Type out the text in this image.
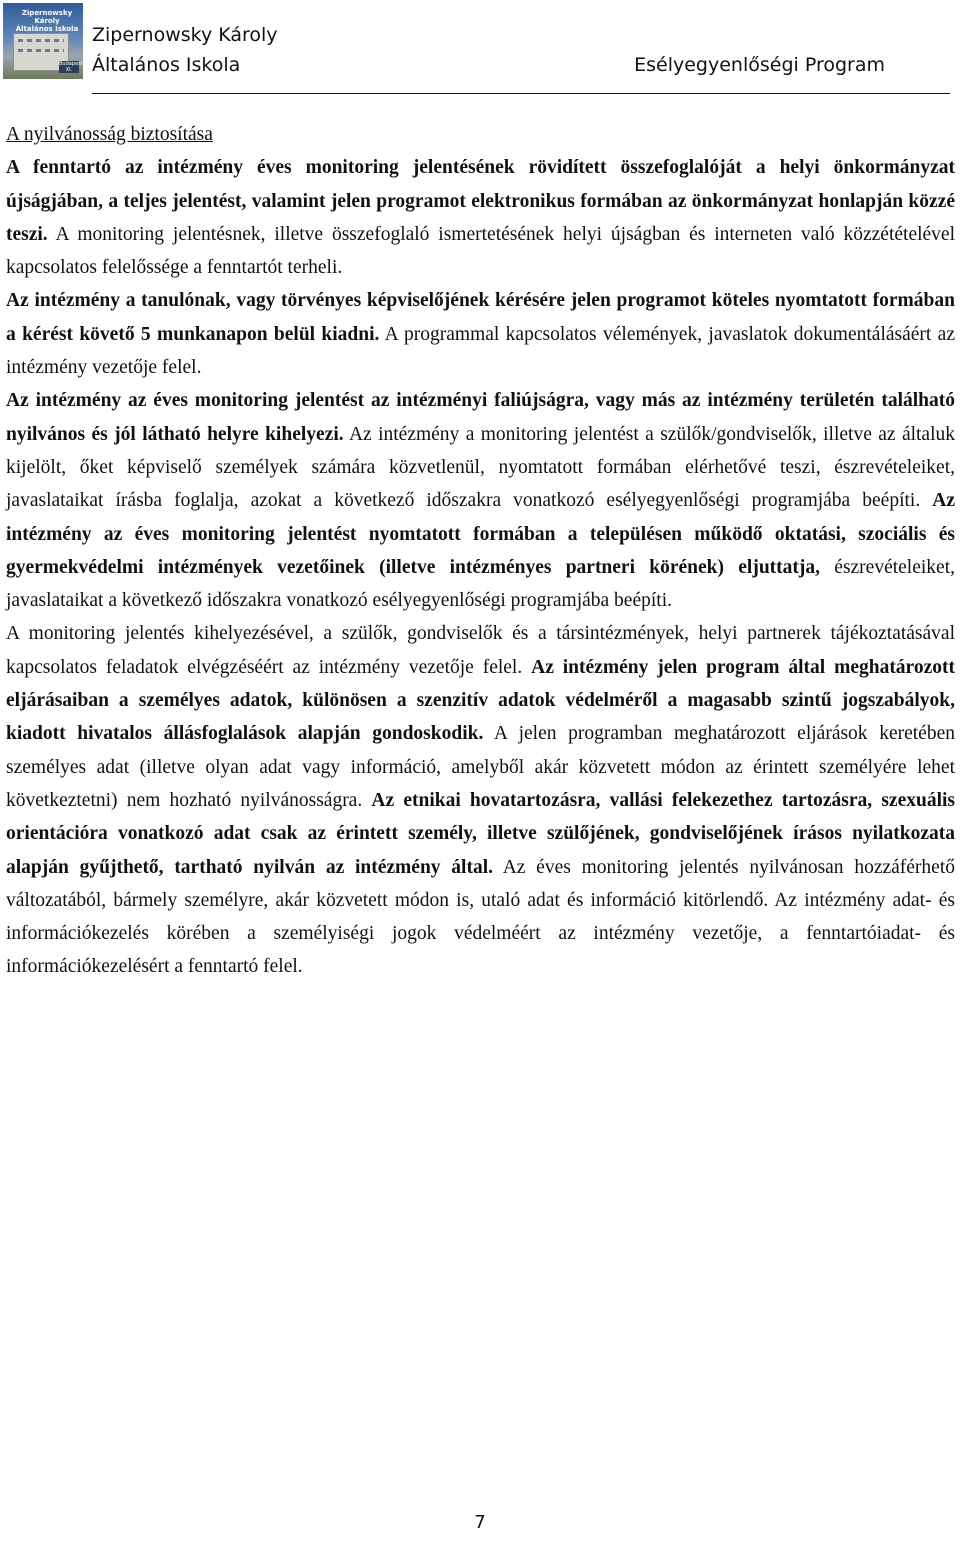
Zipernowsky Károly Általános Iskola
Budapest XI.
Zipernowsky Károly
Általános Iskola	Esélyegyenlőségi Program

A nyilvánosság biztosítása

A fenntartó az intézmény éves monitoring jelentésének rövidített összefoglalóját a helyi önkormányzat újságjában, a teljes jelentést, valamint jelen programot elektronikus formában az önkormányzat honlapján közzé teszi. A monitoring jelentésnek, illetve összefoglaló ismertetésének helyi újságban és interneten való közzétételével kapcsolatos felelőssége a fenntartót terheli.

Az intézmény a tanulónak, vagy törvényes képviselőjének kérésére jelen programot köteles nyomtatott formában a kérést követő 5 munkanapon belül kiadni. A programmal kapcsolatos vélemények, javaslatok dokumentálásáért az intézmény vezetője felel.

Az intézmény az éves monitoring jelentést az intézményi faliújságra, vagy más az intézmény területén található nyilvános és jól látható helyre kihelyezi. Az intézmény a monitoring jelentést a szülők/gondviselők, illetve az általuk kijelölt, őket képviselő személyek számára közvetlenül, nyomtatott formában elérhetővé teszi, észrevételeiket, javaslataikat írásba foglalja, azokat a következő időszakra vonatkozó esélyegyenlőségi programjába beépíti. Az intézmény az éves monitoring jelentést nyomtatott formában a településen működő oktatási, szociális és gyermekvédelmi intézmények vezetőinek (illetve intézményes partneri körének) eljuttatja, észrevételeiket, javaslataikat a következő időszakra vonatkozó esélyegyenlőségi programjába beépíti.

A monitoring jelentés kihelyezésével, a szülők, gondviselők és a társintézmények, helyi partnerek tájékoztatásával kapcsolatos feladatok elvégzéséért az intézmény vezetője felel. Az intézmény jelen program által meghatározott eljárásaiban a személyes adatok, különösen a szenzitív adatok védelméről a magasabb szintű jogszabályok, kiadott hivatalos állásfoglalások alapján gondoskodik. A jelen programban meghatározott eljárások keretében személyes adat (illetve olyan adat vagy információ, amelyből akár közvetett módon az érintett személyére lehet következtetni) nem hozható nyilvánosságra. Az etnikai hovatartozásra, vallási felekezethez tartozásra, szexuális orientációra vonatkozó adat csak az érintett személy, illetve szülőjének, gondviselőjének írásos nyilatkozata alapján gyűjthető, tartható nyilván az intézmény által. Az éves monitoring jelentés nyilvánosan hozzáférhető változatából, bármely személyre, akár közvetett módon is, utaló adat és információ kitörlendő. Az intézmény adat- és információkezelés körében a személyiségi jogok védelméért az intézmény vezetője, a fenntartóiadat- és információkezelésért a fenntartó felel.

7
